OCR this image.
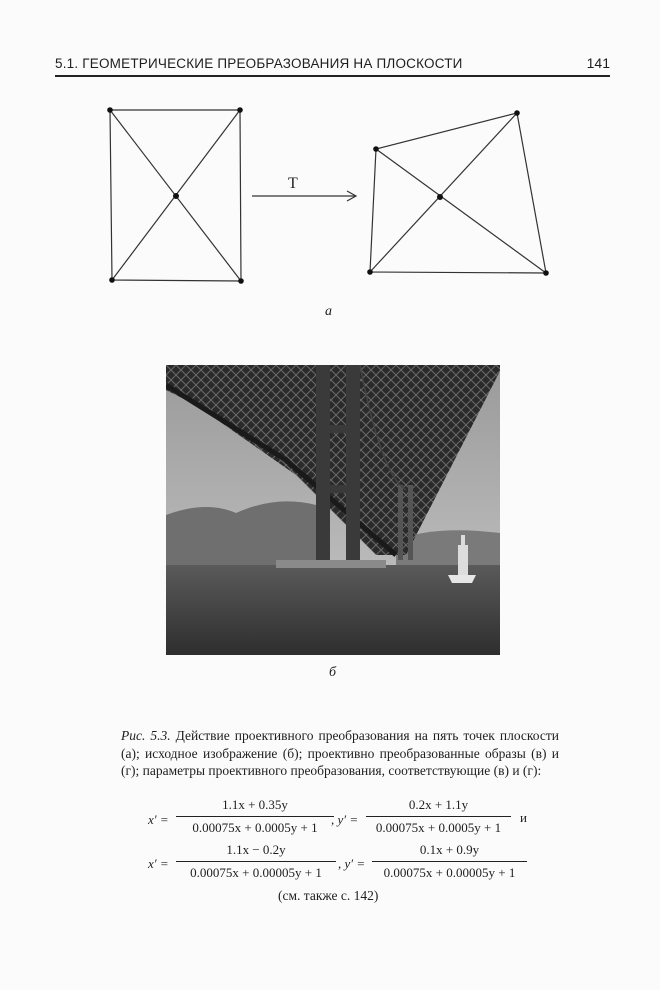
5.1. ГЕОМЕТРИЧЕСКИЕ ПРЕОБРАЗОВАНИЯ НА ПЛОСКОСТИ	141
T
а
б
Рис. 5.3. Действие проективного преобразования на пять точек плоскости (а); исходное изображение (б); проективно преобразованные образы (в) и (г); параметры проективного преобразования, соответствующие (в) и (г):
$x' = \frac{1.1x + 0.35y}{0.00075x + 0.0005y + 1}$
, $y' = \frac{0.2x + 1.1y}{0.00075x + 0.0005y + 1}$ и
$x' = \frac{1.1x - 0.2y}{0.00075x + 0.00005y + 1}$ , $y' = \frac{0.1x + 0.9y}{0.00075x + 0.00005y + 1}$
(см. также с. 142)
